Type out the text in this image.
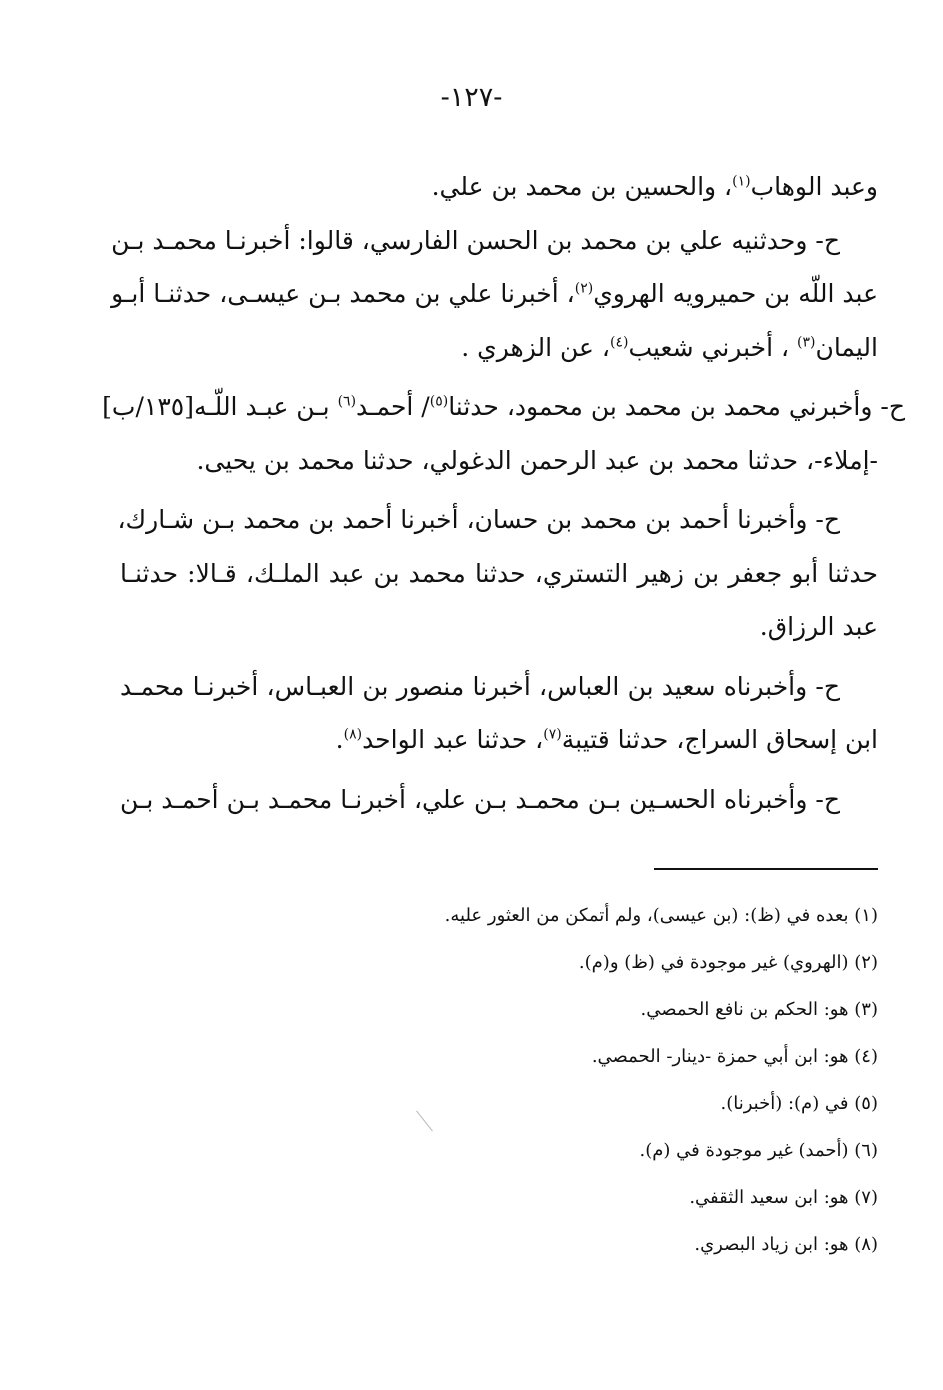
-١٢٧-
وعبد الوهاب$^{(١)}$، والحسين بن محمد بن علي.
ح- وحدثنيه علي بن محمد بن الحسن الفارسي، قالوا: أخبرنـا محمـد بـن
عبد اللّه بن حميرويه الهروي$^{(٢)}$، أخبرنا علي بن محمد بـن عيسـى، حدثنـا أبـو
اليمان$^{(٣)}$ ، أخبرني شعيب$^{(٤)}$، عن الزهري .
ح- وأخبرني محمد بن محمد بن محمود، حدثنا$^{(٥)}$/ أحمـد$^{(٦)}$ بـن عبـد اللّـه[١٣٥/ب]
-إملاء-، حدثنا محمد بن عبد الرحمن الدغولي، حدثنا محمد بن يحيى.
ح- وأخبرنا أحمد بن محمد بن حسان، أخبرنا أحمد بن محمد بـن شـارك،
حدثنا أبو جعفر بن زهير التستري، حدثنا محمد بن عبد الملـك، قـالا: حدثنـا
عبد الرزاق.
ح- وأخبرناه سعيد بن العباس، أخبرنا منصور بن العبـاس، أخبرنـا محمـد
ابن إسحاق السراج، حدثنا قتيبة$^{(٧)}$، حدثنا عبد الواحد$^{(٨)}$.
ح- وأخبرناه الحسـين بـن محمـد بـن علي، أخبرنـا محمـد بـن أحمـد بـن
(١) بعده في (ظ): (بن عيسى)، ولم أتمكن من العثور عليه.
(٢) (الهروي) غير موجودة في (ظ) و(م).
(٣) هو: الحكم بن نافع الحمصي.
(٤) هو: ابن أبي حمزة -دينار- الحمصي.
(٥) في (م): (أخبرنا).
(٦) (أحمد) غير موجودة في (م).
(٧) هو: ابن سعيد الثقفي.
(٨) هو: ابن زياد البصري.
